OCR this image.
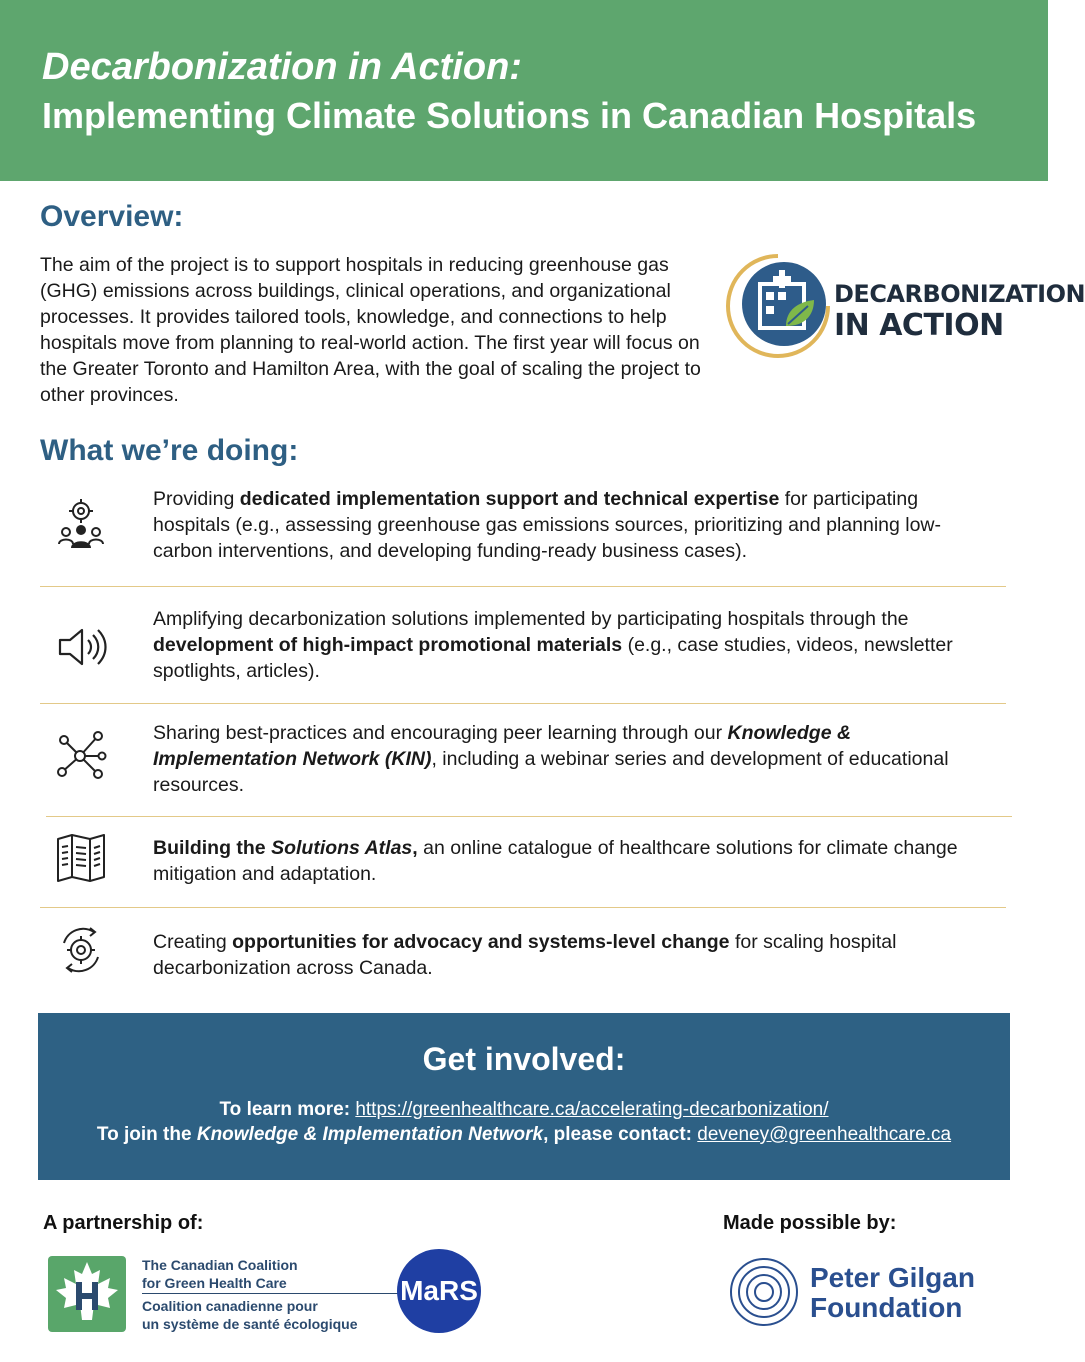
Decarbonization in Action:
Implementing Climate Solutions in Canadian Hospitals
Overview:
The aim of the project is to support hospitals in reducing greenhouse gas (GHG) emissions across buildings, clinical operations, and organizational processes. It provides tailored tools, knowledge, and connections to help hospitals move from planning to real-world action. The first year will focus on the Greater Toronto and Hamilton Area, with the goal of scaling the project to other provinces.
DECARBONIZATION
IN ACTION
What we’re doing:
Providing dedicated implementation support and technical expertise for participating hospitals (e.g., assessing greenhouse gas emissions sources, prioritizing and planning low-carbon interventions, and developing funding-ready business cases).
Amplifying decarbonization solutions implemented by participating hospitals through the development of high-impact promotional materials (e.g., case studies, videos, newsletter spotlights, articles).
Sharing best-practices and encouraging peer learning through our Knowledge & Implementation Network (KIN), including a webinar series and development of educational resources.
Building the Solutions Atlas, an online catalogue of healthcare solutions for climate change mitigation and adaptation.
Creating opportunities for advocacy and systems-level change for scaling hospital decarbonization across Canada.
Get involved:
To learn more: https://greenhealthcare.ca/accelerating-decarbonization/
To join the Knowledge & Implementation Network, please contact: deveney@greenhealthcare.ca
A partnership of:	Made possible by:
The Canadian Coalition
for Green Health Care
Coalition canadienne pour
un système de santé écologique
MaRS	Peter Gilgan
Foundation
